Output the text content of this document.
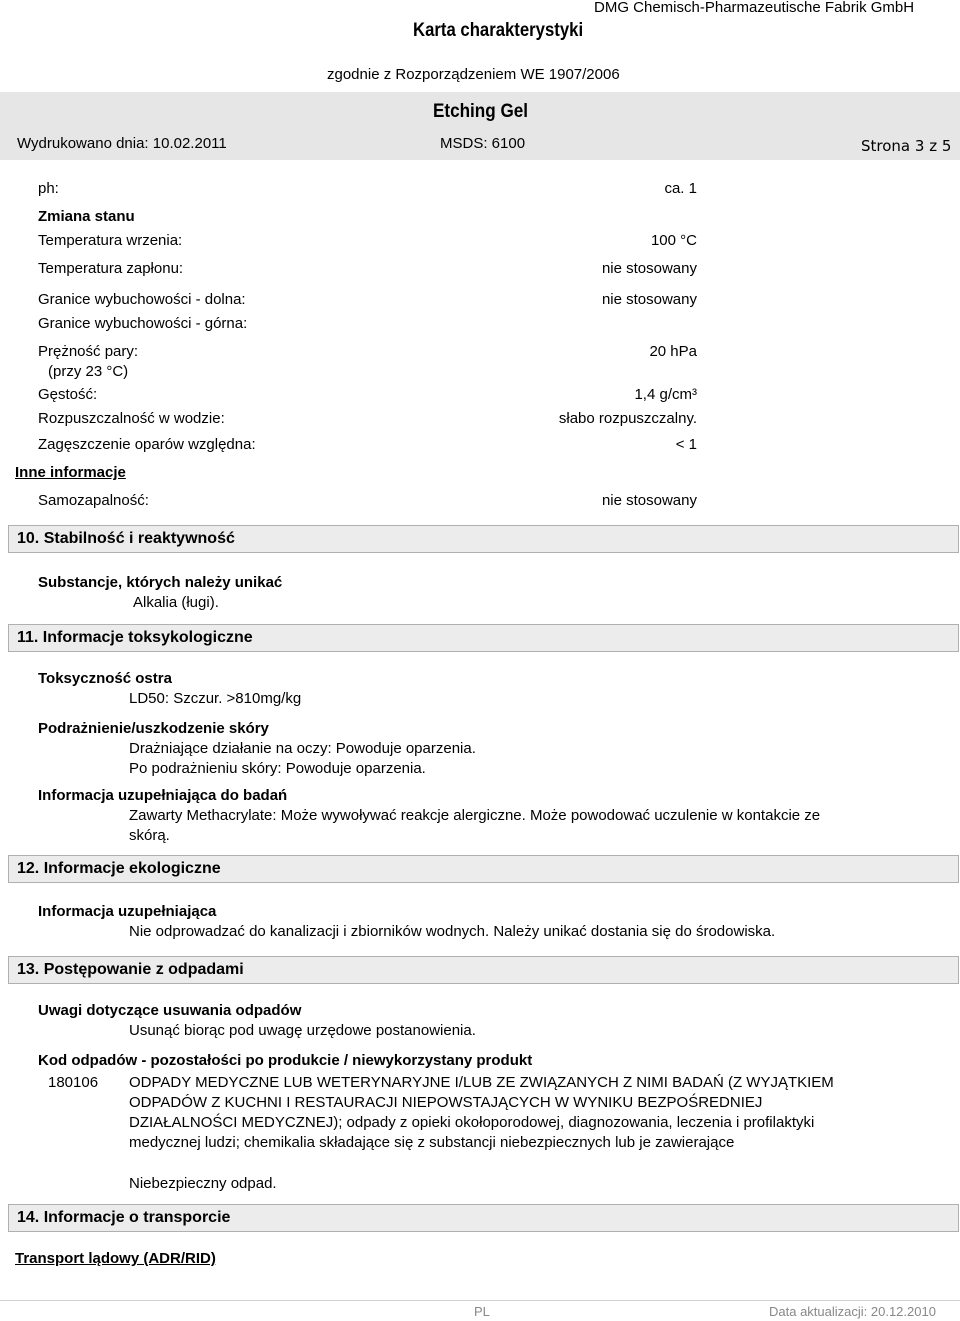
Karta charakterystyki
DMG Chemisch-Pharmazeutische Fabrik GmbH
zgodnie z Rozporządzeniem WE 1907/2006
Etching Gel
Wydrukowano dnia: 10.02.2011	MSDS: 6100	Strona 3 z 5
ph:	ca. 1
Zmiana stanu
Temperatura wrzenia:	100 °C
Temperatura zapłonu:	nie stosowany
Granice wybuchowości - dolna:	nie stosowany
Granice wybuchowości - górna:
Prężność pary:	20 hPa
(przy 23 °C)
Gęstość:	1,4 g/cm³
Rozpuszczalność w wodzie:	słabo rozpuszczalny.
Zagęszczenie oparów względna:	< 1
Inne informacje
Samozapalność:	nie stosowany
10. Stabilność i reaktywność
Substancje, których należy unikać
Alkalia (ługi).
11. Informacje toksykologiczne
Toksyczność ostra
LD50: Szczur. >810mg/kg
Podrażnienie/uszkodzenie skóry
Drażniające działanie na oczy: Powoduje oparzenia.
Po podrażnieniu skóry: Powoduje oparzenia.
Informacja uzupełniająca do badań
Zawarty Methacrylate: Może wywoływać reakcje alergiczne. Może powodować uczulenie w kontakcie ze skórą.
12. Informacje ekologiczne
Informacja uzupełniająca
Nie odprowadzać do kanalizacji i zbiorników wodnych. Należy unikać dostania się do środowiska.
13. Postępowanie z odpadami
Uwagi dotyczące usuwania odpadów
Usunąć biorąc pod uwagę urzędowe postanowienia.
Kod odpadów - pozostałości po produkcie / niewykorzystany produkt
180106 ODPADY MEDYCZNE LUB WETERYNARYJNE I/LUB ZE ZWIĄZANYCH Z NIMI BADAŃ (Z WYJĄTKIEM ODPADÓW Z KUCHNI I RESTAURACJI NIEPOWSTAJĄCYCH W WYNIKU BEZPOŚREDNIEJ DZIAŁALNOŚCI MEDYCZNEJ); odpady z opieki okołoporodowej, diagnozowania, leczenia i profilaktyki medycznej ludzi; chemikalia składające się z substancji niebezpiecznych lub je zawierające
Niebezpieczny odpad.
14. Informacje o transporcie
Transport lądowy (ADR/RID)
PL	Data aktualizacji: 20.12.2010
